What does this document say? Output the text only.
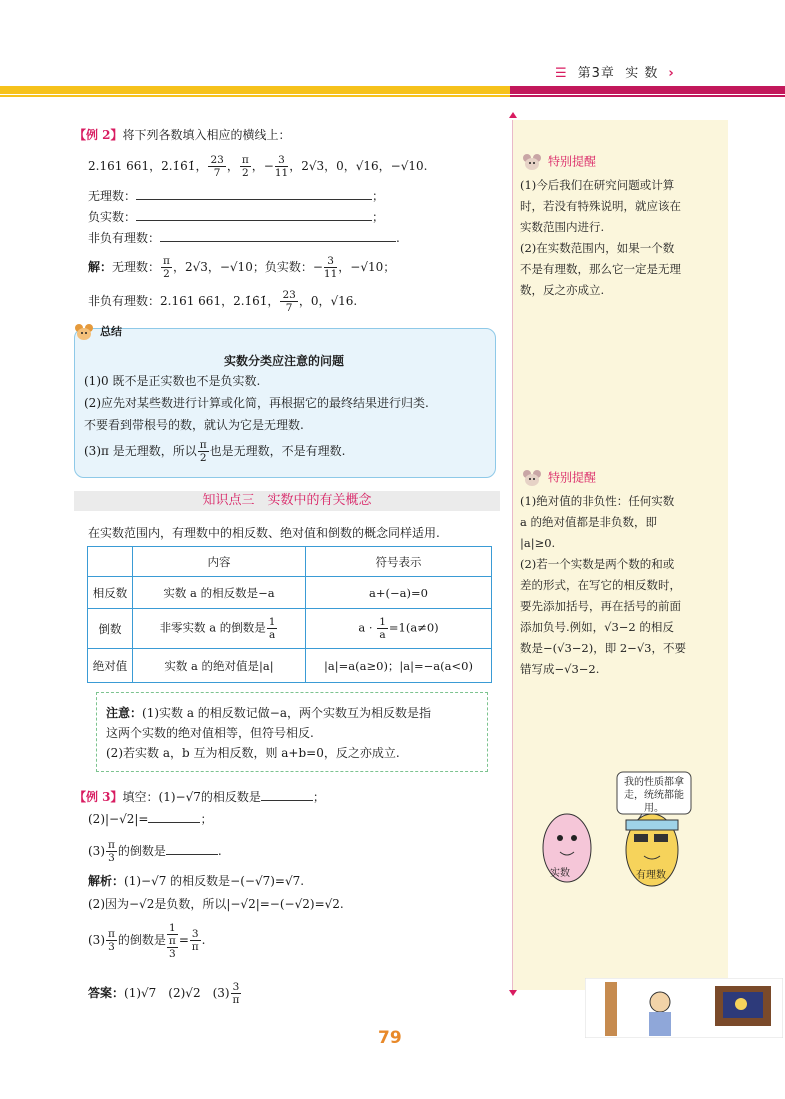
☰ 第3章 实 数 ›
特别提醒
(1)今后我们在研究问题或计算
时，若没有特殊说明，就应该在
实数范围内进行.
(2)在实数范围内，如果一个数
不是有理数，那么它一定是无理
数，反之亦成立.
特别提醒
(1)绝对值的非负性：任何实数
a 的绝对值都是非负数，即
|a|≥0.
(2)若一个实数是两个数的和或
差的形式，在写它的相反数时，
要先添加括号，再在括号的前面
添加负号.例如，√3−2 的相反
数是−(√3−2)，即 2−√3，不要
错写成−√3−2.
我的性质都拿走，统统都能用。
实数	有理数
【例 2】将下列各数填入相应的横线上：
2.161 661，2.1̇6̇1̇， $\frac{23}{7}$ ， $\frac{\pi}{2}$ ，− $\frac{3}{11}$ ，2√3，0，√16，−√10.
无理数：	；
负实数：	；
非负有理数：	.
解：无理数： $\frac{\pi}{2}$ ，2√3，−√10；负实数：− $\frac{3}{11}$ ，−√10；
非负有理数：2.161 661，2.1̇6̇1̇， $\frac{23}{7}$ ，0，√16.
总结
实数分类应注意的问题
(1)0 既不是正实数也不是负实数.
(2)应先对某些数进行计算或化简，再根据它的最终结果进行归类.
不要看到带根号的数，就认为它是无理数.
(3)π 是无理数，所以 $\frac{\pi}{2}$ 也是无理数，不是有理数.
知识点三　实数中的有关概念
在实数范围内，有理数中的相反数、绝对值和倒数的概念同样适用.
	内容	符号表示
相反数	实数 a 的相反数是−a	a+(−a)=0
倒数	非零实数 a 的倒数是 $\frac{1}{a}$	$a \cdot \frac{1}{a} =1(a\ne 0)$
绝对值	实数 a 的绝对值是|a|	|a|=a(a≥0)；|a|=−a(a<0)
注意：(1)实数 a 的相反数记做−a，两个实数互为相反数是指
这两个实数的绝对值相等，但符号相反.
(2)若实数 a，b 互为相反数，则 a+b=0，反之亦成立.
【例 3】填空：(1)−√7的相反数是	；
(2)|−√2|=	；
$(3) \frac{\pi}{3}$ 的倒数是	.
解析：(1)−√7 的相反数是−(−√7)=√7.
(2)因为−√2是负数，所以|−√2|=−(−√2)=√2.
$(3) \frac{\pi}{3}$ 的倒数是 1
π
$3 = \frac{3}{\pi}$ .
答案：(1)√7　(2)√2　$(3) \frac{3}{\pi}$
79
